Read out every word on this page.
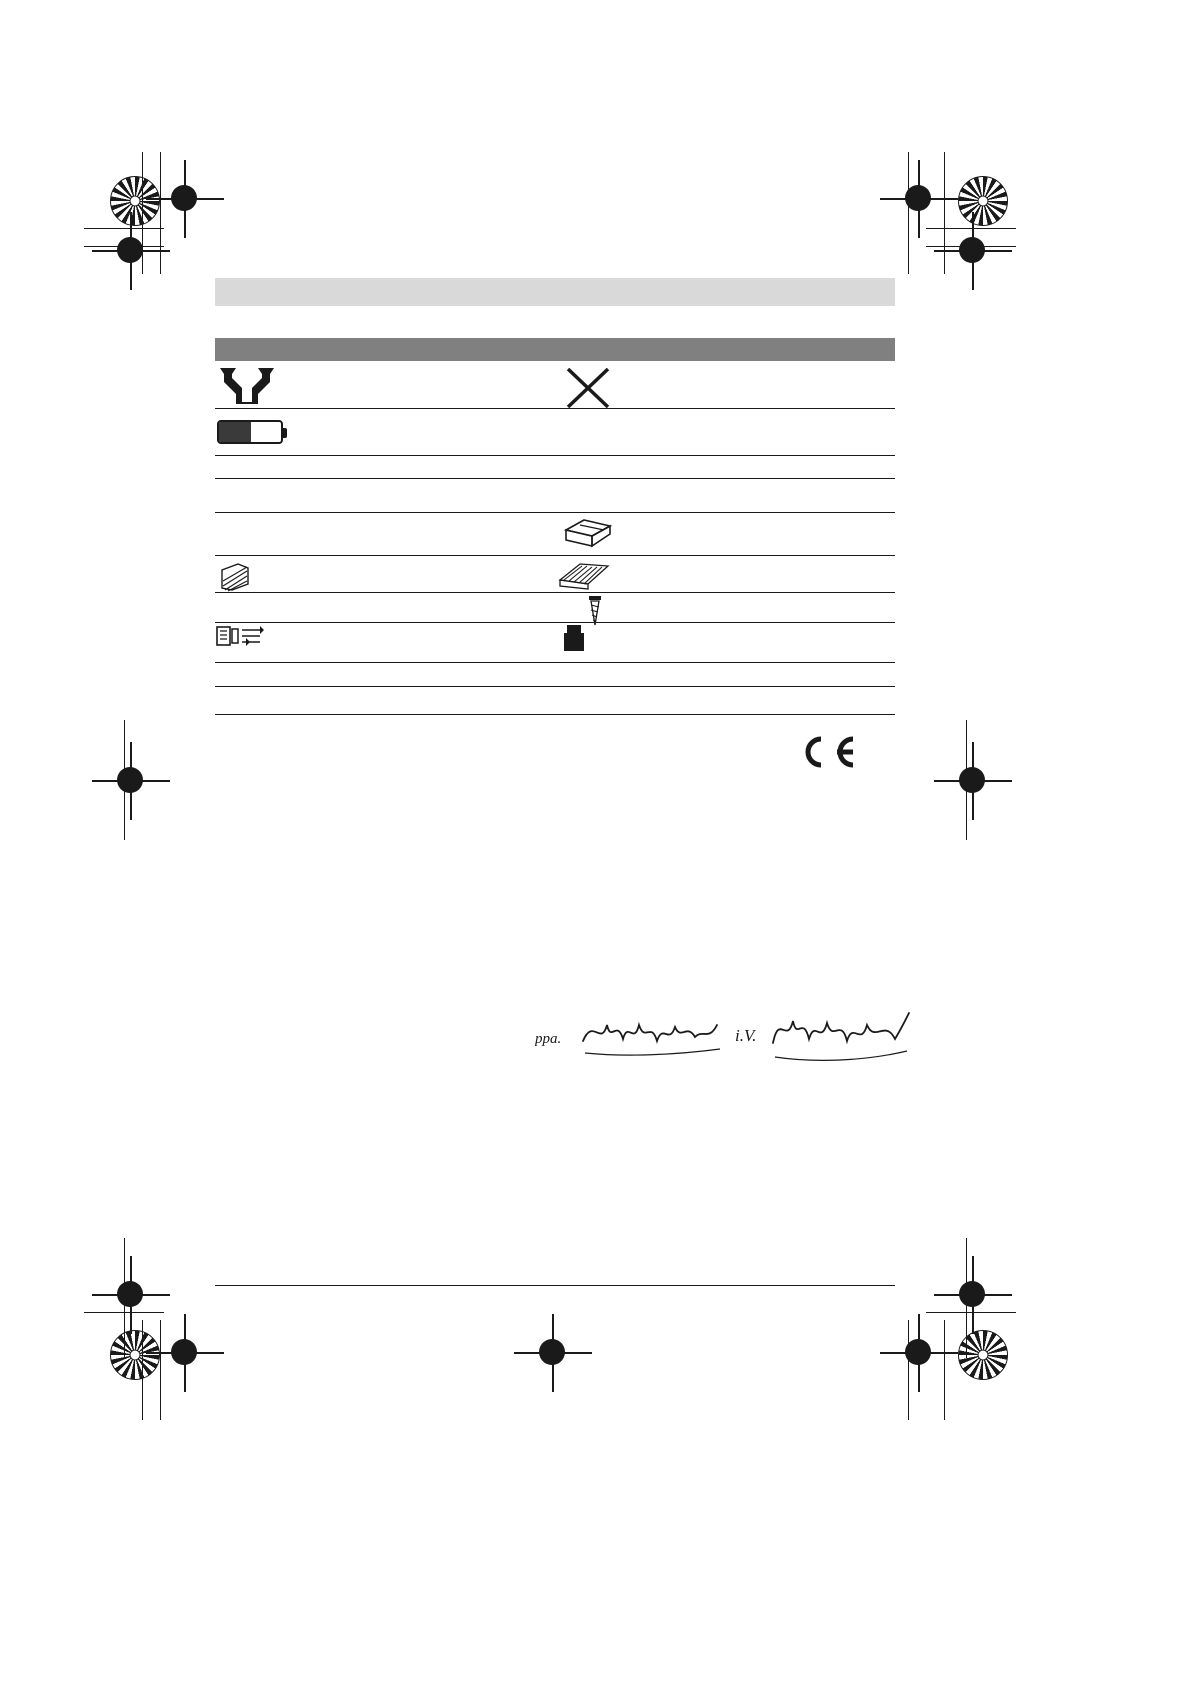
ppa.	i.V.
